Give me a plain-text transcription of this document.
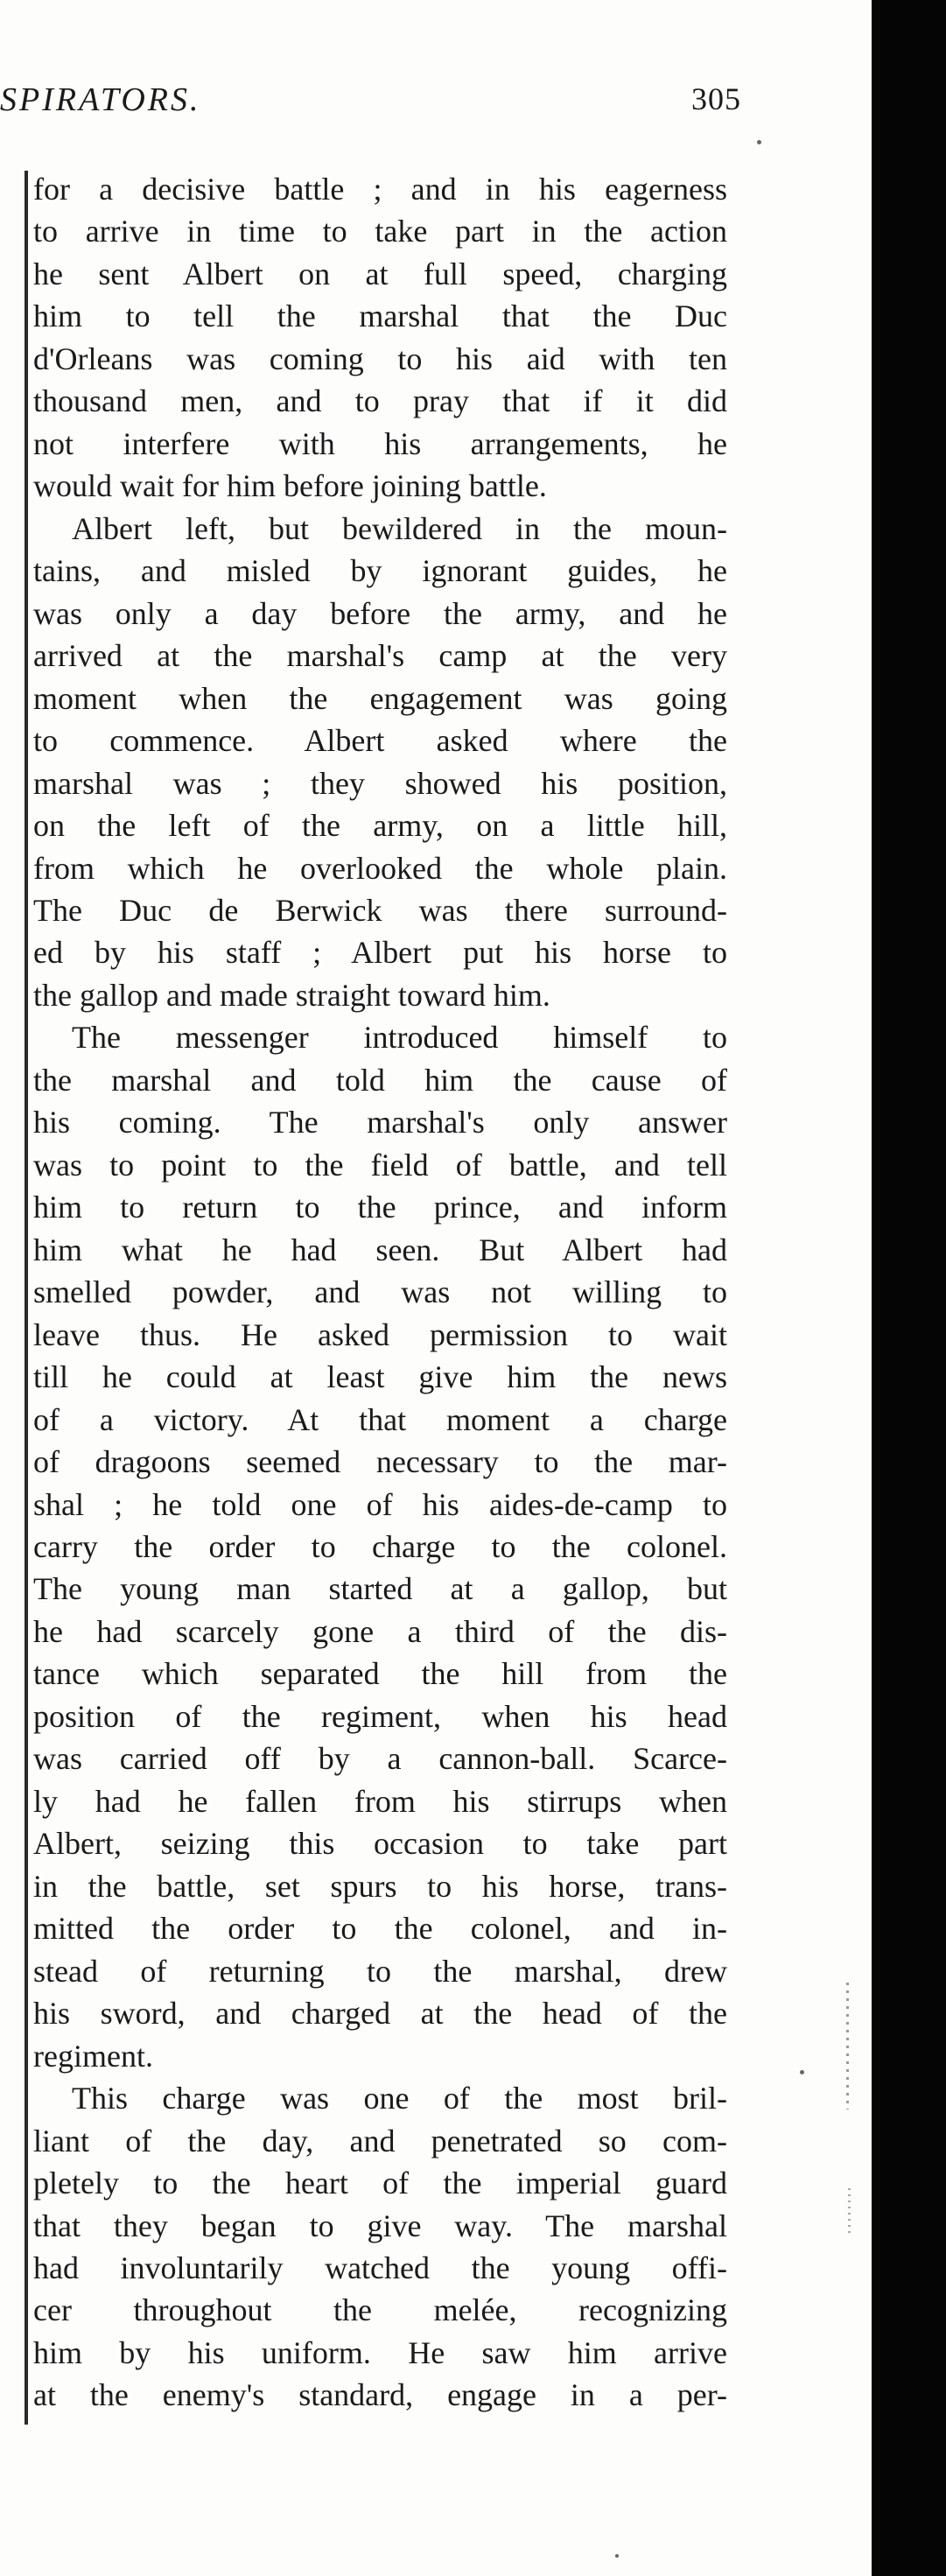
SPIRATORS.	305
for a decisive battle ; and in his eagerness
to arrive in time to take part in the action
he sent Albert on at full speed, charging
him to tell the marshal that the Duc
d'Orleans was coming to his aid with ten
thousand men, and to pray that if it did
not interfere with his arrangements, he
would wait for him before joining battle.
Albert left, but bewildered in the moun-
tains, and misled by ignorant guides, he
was only a day before the army, and he
arrived at the marshal's camp at the very
moment when the engagement was going
to commence. Albert asked where the
marshal was ; they showed his position,
on the left of the army, on a little hill,
from which he overlooked the whole plain.
The Duc de Berwick was there surround-
ed by his staff ; Albert put his horse to
the gallop and made straight toward him.
The messenger introduced himself to
the marshal and told him the cause of
his coming. The marshal's only answer
was to point to the field of battle, and tell
him to return to the prince, and inform
him what he had seen. But Albert had
smelled powder, and was not willing to
leave thus. He asked permission to wait
till he could at least give him the news
of a victory. At that moment a charge
of dragoons seemed necessary to the mar-
shal ; he told one of his aides-de-camp to
carry the order to charge to the colonel.
The young man started at a gallop, but
he had scarcely gone a third of the dis-
tance which separated the hill from the
position of the regiment, when his head
was carried off by a cannon-ball. Scarce-
ly had he fallen from his stirrups when
Albert, seizing this occasion to take part
in the battle, set spurs to his horse, trans-
mitted the order to the colonel, and in-
stead of returning to the marshal, drew
his sword, and charged at the head of the
regiment.
This charge was one of the most bril-
liant of the day, and penetrated so com-
pletely to the heart of the imperial guard
that they began to give way. The marshal
had involuntarily watched the young offi-
cer throughout the melée, recognizing
him by his uniform. He saw him arrive
at the enemy's standard, engage in a per-
